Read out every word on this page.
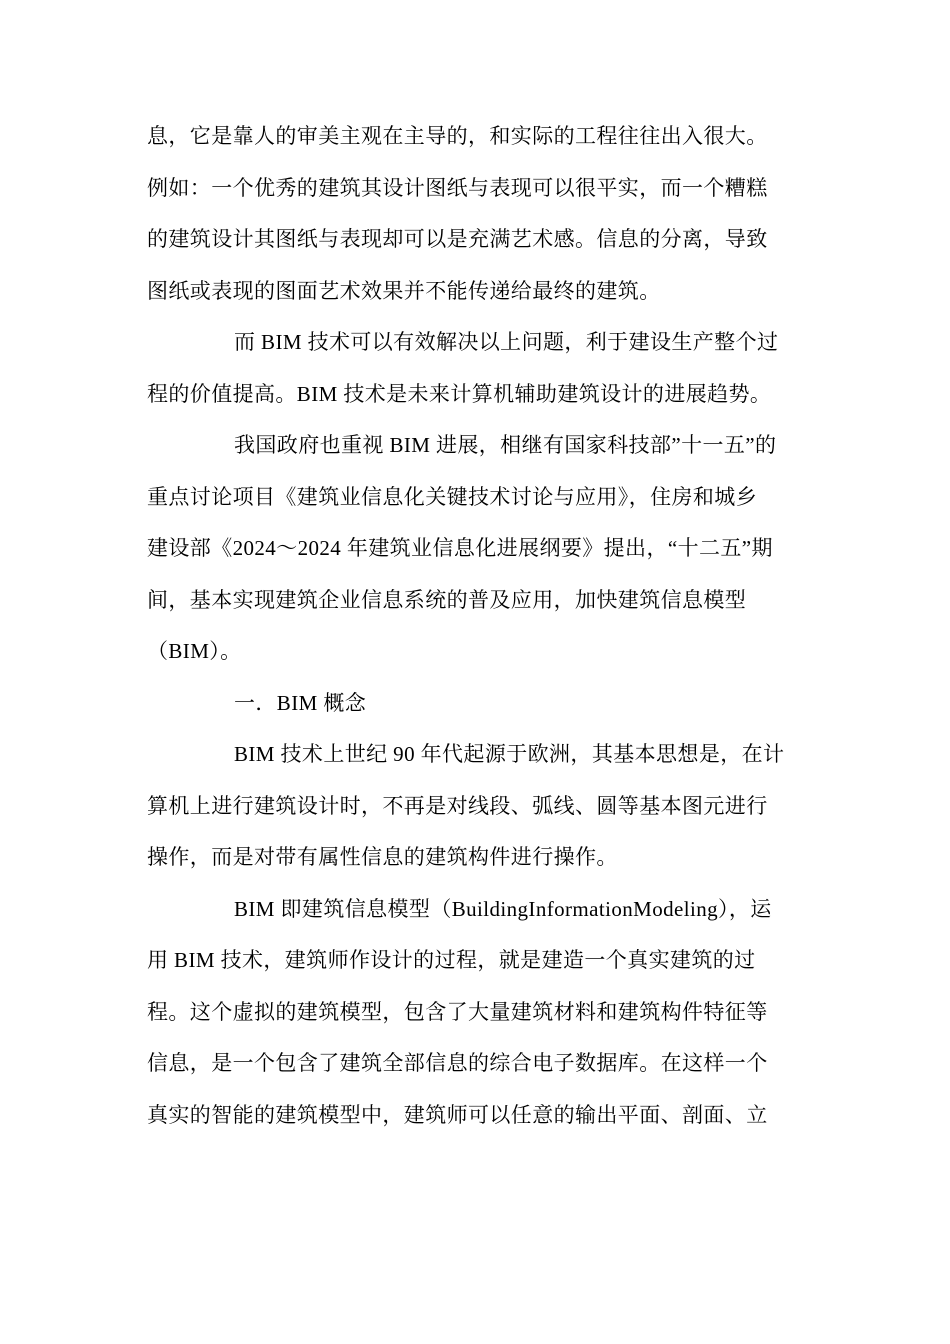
息，它是靠人的审美主观在主导的，和实际的工程往往出入很大。
例如：一个优秀的建筑其设计图纸与表现可以很平实，而一个糟糕
的建筑设计其图纸与表现却可以是充满艺术感。信息的分离，导致
图纸或表现的图面艺术效果并不能传递给最终的建筑。
而 BIM 技术可以有效解决以上问题，利于建设生产整个过
程的价值提高。BIM 技术是未来计算机辅助建筑设计的进展趋势。
我国政府也重视 BIM 进展，相继有国家科技部”十一五”的
重点讨论项目《建筑业信息化关键技术讨论与应用》，住房和城乡
建设部《2024～2024 年建筑业信息化进展纲要》提出，“十二五”期
间，基本实现建筑企业信息系统的普及应用，加快建筑信息模型
（BIM）。
一．BIM 概念
BIM 技术上世纪 90 年代起源于欧洲，其基本思想是，在计
算机上进行建筑设计时，不再是对线段、弧线、圆等基本图元进行
操作，而是对带有属性信息的建筑构件进行操作。
BIM 即建筑信息模型（BuildingInformationModeling），运
用 BIM 技术，建筑师作设计的过程，就是建造一个真实建筑的过
程。这个虚拟的建筑模型，包含了大量建筑材料和建筑构件特征等
信息，是一个包含了建筑全部信息的综合电子数据库。在这样一个
真实的智能的建筑模型中，建筑师可以任意的输出平面、剖面、立
